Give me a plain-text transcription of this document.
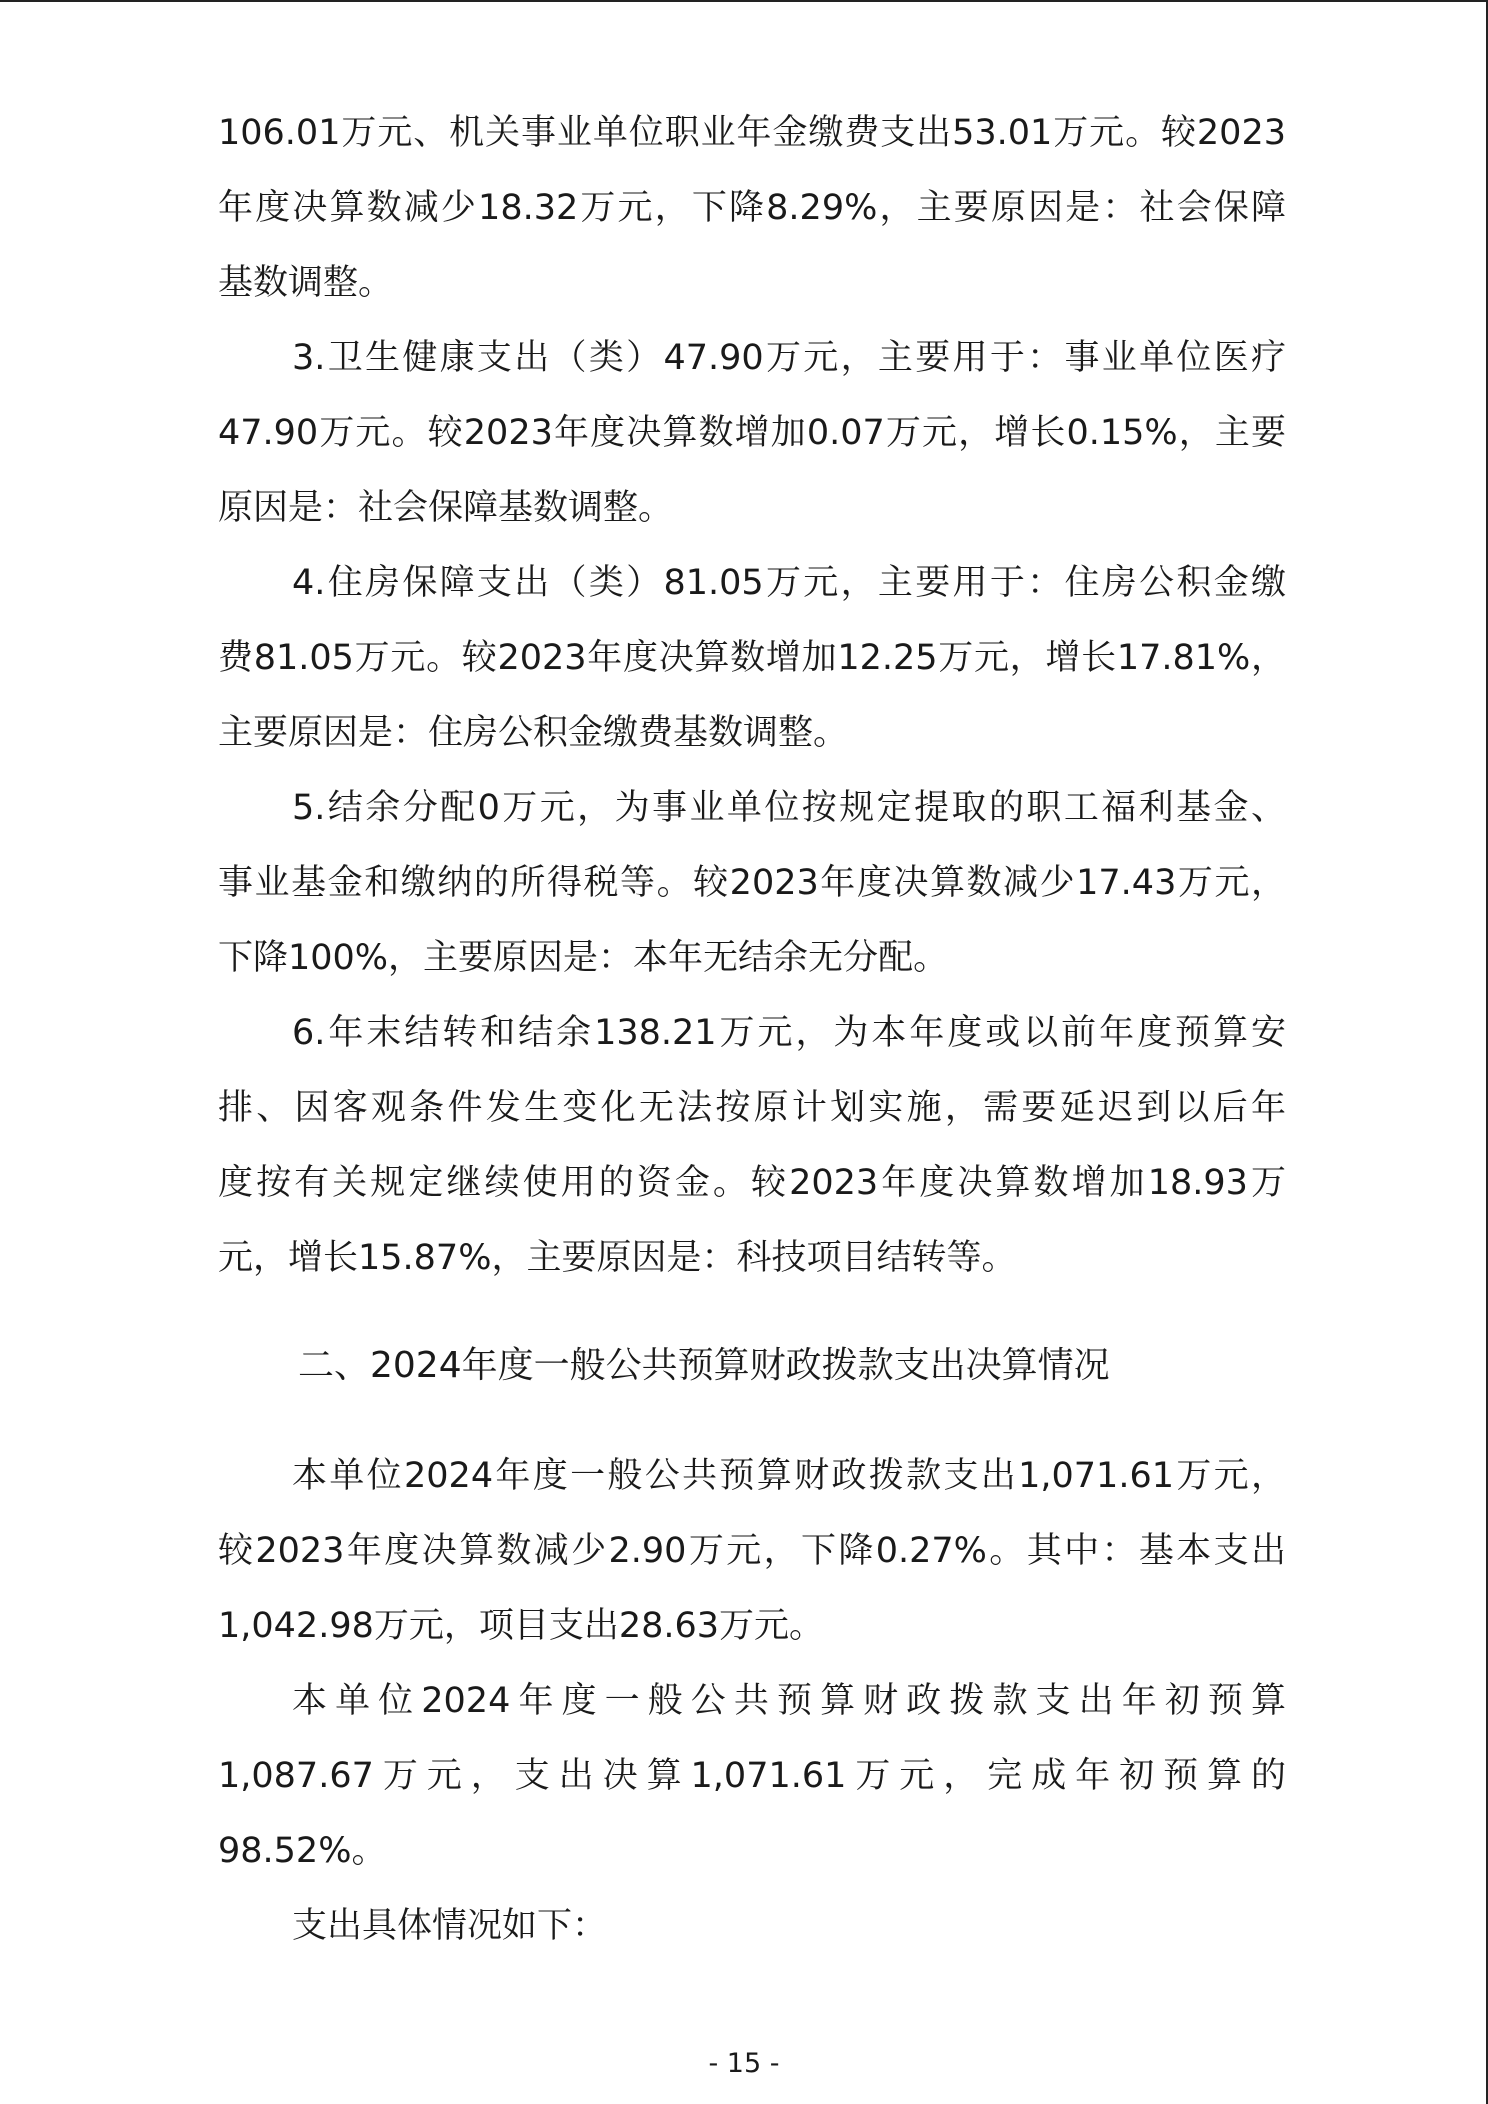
106.01万元、机关事业单位职业年金缴费支出53.01万元。较2023
年度决算数减少18.32万元，下降8.29%，主要原因是：社会保障
基数调整。
3.卫生健康支出（类）47.90万元，主要用于：事业单位医疗
47.90万元。较2023年度决算数增加0.07万元，增长0.15%，主要
原因是：社会保障基数调整。
4.住房保障支出（类）81.05万元，主要用于：住房公积金缴
费81.05万元。较2023年度决算数增加12.25万元，增长17.81%，
主要原因是：住房公积金缴费基数调整。
5.结余分配0万元，为事业单位按规定提取的职工福利基金、
事业基金和缴纳的所得税等。较2023年度决算数减少17.43万元，
下降100%，主要原因是：本年无结余无分配。
6.年末结转和结余138.21万元，为本年度或以前年度预算安
排、因客观条件发生变化无法按原计划实施，需要延迟到以后年
度按有关规定继续使用的资金。较2023年度决算数增加18.93万
元，增长15.87%，主要原因是：科技项目结转等。
二、2024年度一般公共预算财政拨款支出决算情况
本单位2024年度一般公共预算财政拨款支出1,071.61万元，
较2023年度决算数减少2.90万元，下降0.27%。其中：基本支出
1,042.98万元，项目支出28.63万元。
本单位2024年度一般公共预算财政拨款支出年初预算
1,087.67万元，支出决算1,071.61万元，完成年初预算的
98.52%。
支出具体情况如下：
- 15 -
